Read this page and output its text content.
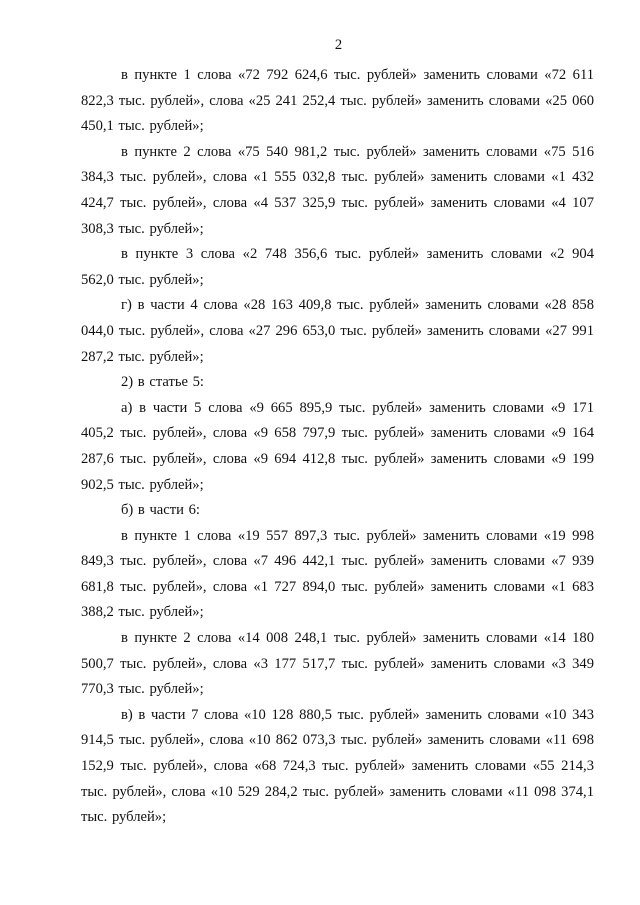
2

в пункте 1 слова «72 792 624,6 тыс. рублей» заменить словами «72 611 822,3 тыс. рублей», слова «25 241 252,4 тыс. рублей» заменить словами «25 060 450,1 тыс. рублей»;

в пункте 2 слова «75 540 981,2 тыс. рублей» заменить словами «75 516 384,3 тыс. рублей», слова «1 555 032,8 тыс. рублей» заменить словами «1 432 424,7 тыс. рублей», слова «4 537 325,9 тыс. рублей» заменить словами «4 107 308,3 тыс. рублей»;

в пункте 3 слова «2 748 356,6 тыс. рублей» заменить словами «2 904 562,0 тыс. рублей»;

г) в части 4 слова «28 163 409,8 тыс. рублей» заменить словами «28 858 044,0 тыс. рублей», слова «27 296 653,0 тыс. рублей» заменить словами «27 991 287,2 тыс. рублей»;

2) в статье 5:

а) в части 5 слова «9 665 895,9 тыс. рублей» заменить словами «9 171 405,2 тыс. рублей», слова «9 658 797,9 тыс. рублей» заменить словами «9 164 287,6 тыс. рублей», слова «9 694 412,8 тыс. рублей» заменить словами «9 199 902,5 тыс. рублей»;

б) в части 6:

в пункте 1 слова «19 557 897,3 тыс. рублей» заменить словами «19 998 849,3 тыс. рублей», слова «7 496 442,1 тыс. рублей» заменить словами «7 939 681,8 тыс. рублей», слова «1 727 894,0 тыс. рублей» заменить словами «1 683 388,2 тыс. рублей»;

в пункте 2 слова «14 008 248,1 тыс. рублей» заменить словами «14 180 500,7 тыс. рублей», слова «3 177 517,7 тыс. рублей» заменить словами «3 349 770,3 тыс. рублей»;

в) в части 7 слова «10 128 880,5 тыс. рублей» заменить словами «10 343 914,5 тыс. рублей», слова «10 862 073,3 тыс. рублей» заменить словами «11 698 152,9 тыс. рублей», слова «68 724,3 тыс. рублей» заменить словами «55 214,3 тыс. рублей», слова «10 529 284,2 тыс. рублей» заменить словами «11 098 374,1 тыс. рублей»;
